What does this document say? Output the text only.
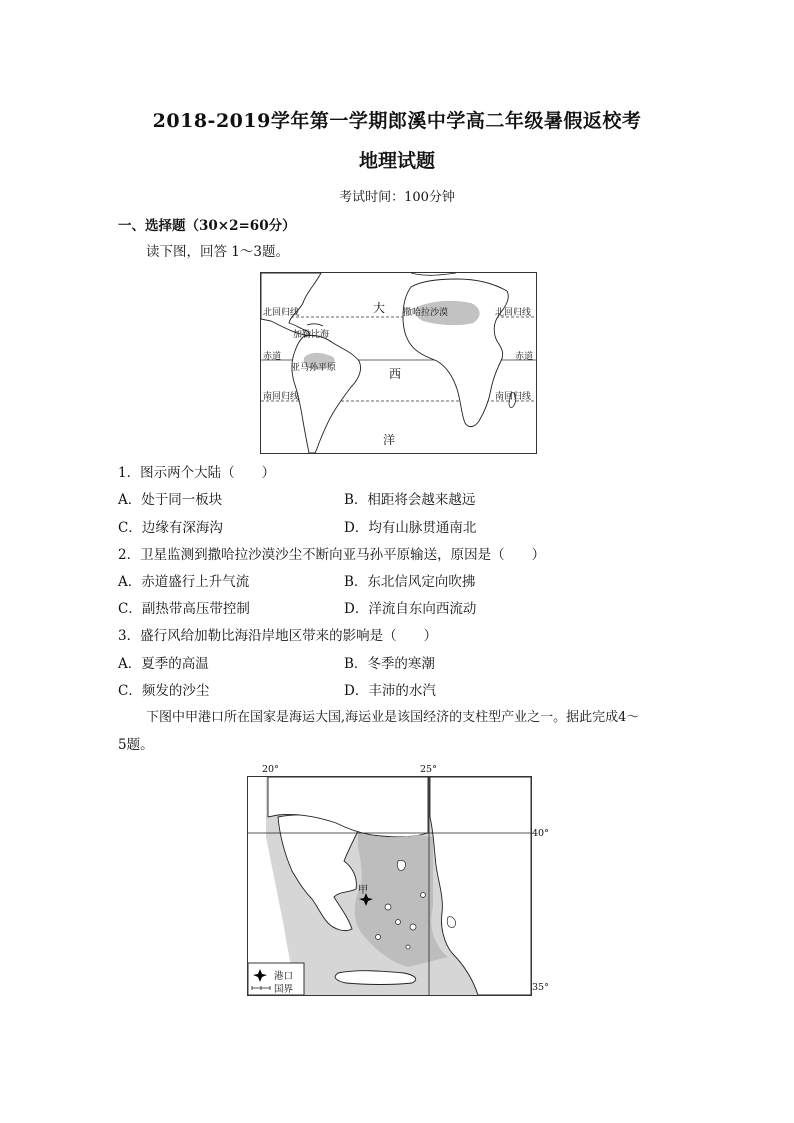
2018-2019学年第一学期郎溪中学高二年级暑假返校考
地理试题
考试时间：100分钟
一、选择题（30×2=60分）
读下图，回答 1～3题。
北回归线	北回归线
赤道	赤道
南回归线	南回归线
加勒比海
撒哈拉沙漠
亚马孙平原
大
西
洋
1．图示两个大陆（　　）
A．处于同一板块	B．相距将会越来越远
C．边缘有深海沟	D．均有山脉贯通南北
2．卫星监测到撒哈拉沙漠沙尘不断向亚马孙平原输送，原因是（　　）
A．赤道盛行上升气流	B．东北信风定向吹拂
C．副热带高压带控制	D．洋流自东向西流动
3．盛行风给加勒比海沿岸地区带来的影响是（　　）
A．夏季的高温	B．冬季的寒潮
C．频发的沙尘	D．丰沛的水汽
下图中甲港口所在国家是海运大国,海运业是该国经济的支柱型产业之一。据此完成4～
5题。
20°	25°
40°
35°
甲
港口
国界
